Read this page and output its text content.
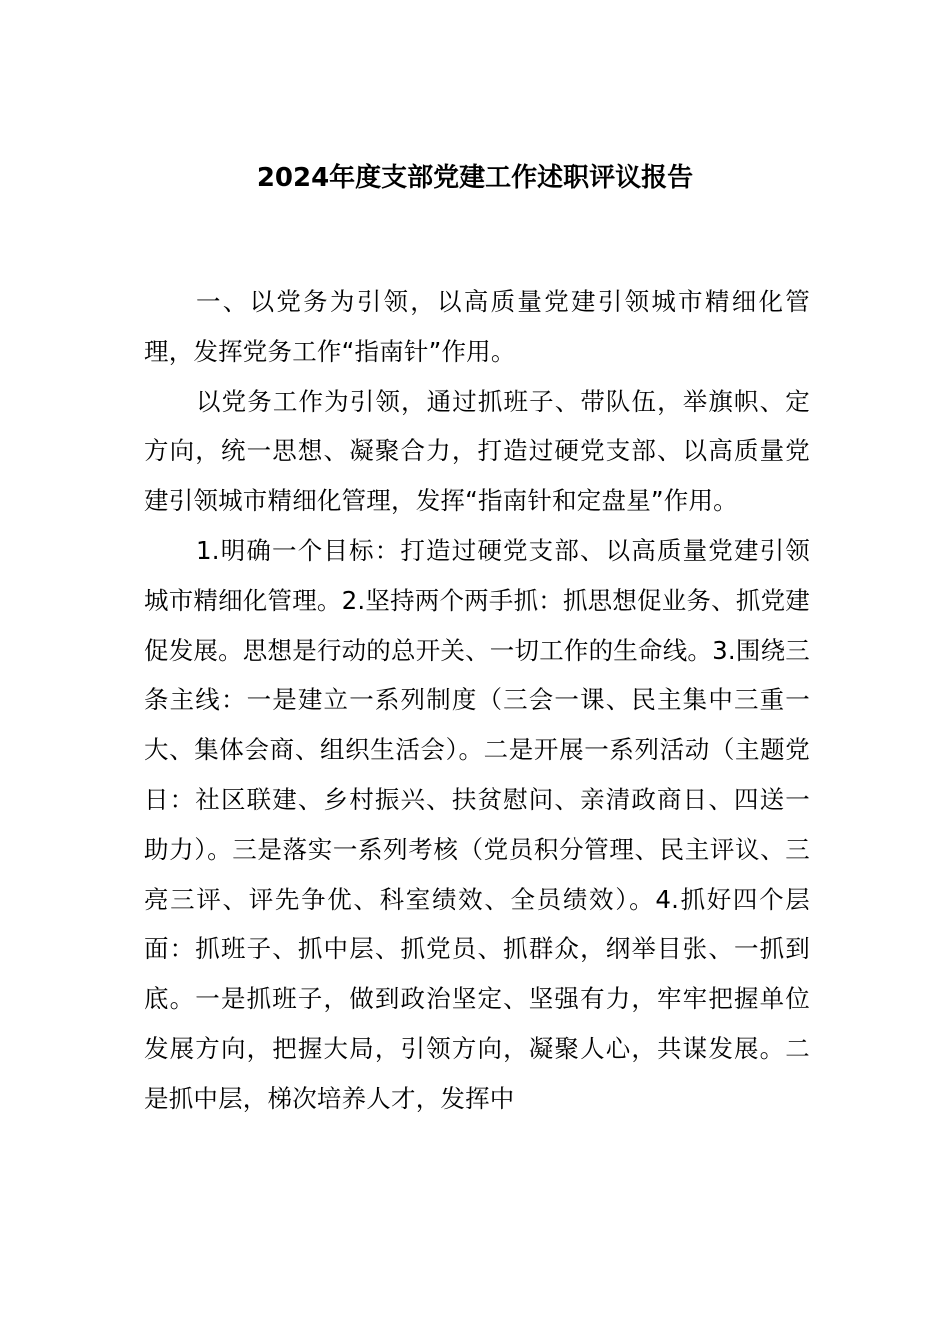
2024年度支部党建工作述职评议报告

一、以党务为引领，以高质量党建引领城市精细化管理，发挥党务工作“指南针”作用。

以党务工作为引领，通过抓班子、带队伍，举旗帜、定方向，统一思想、凝聚合力，打造过硬党支部、以高质量党建引领城市精细化管理，发挥“指南针和定盘星”作用。

1.明确一个目标：打造过硬党支部、以高质量党建引领城市精细化管理。2.坚持两个两手抓：抓思想促业务、抓党建促发展。思想是行动的总开关、一切工作的生命线。3.围绕三条主线：一是建立一系列制度（三会一课、民主集中三重一大、集体会商、组织生活会）。二是开展一系列活动（主题党日：社区联建、乡村振兴、扶贫慰问、亲清政商日、四送一助力）。三是落实一系列考核（党员积分管理、民主评议、三亮三评、评先争优、科室绩效、全员绩效）。4.抓好四个层面：抓班子、抓中层、抓党员、抓群众，纲举目张、一抓到底。一是抓班子，做到政治坚定、坚强有力，牢牢把握单位发展方向，把握大局，引领方向，凝聚人心，共谋发展。二是抓中层，梯次培养人才，发挥中
